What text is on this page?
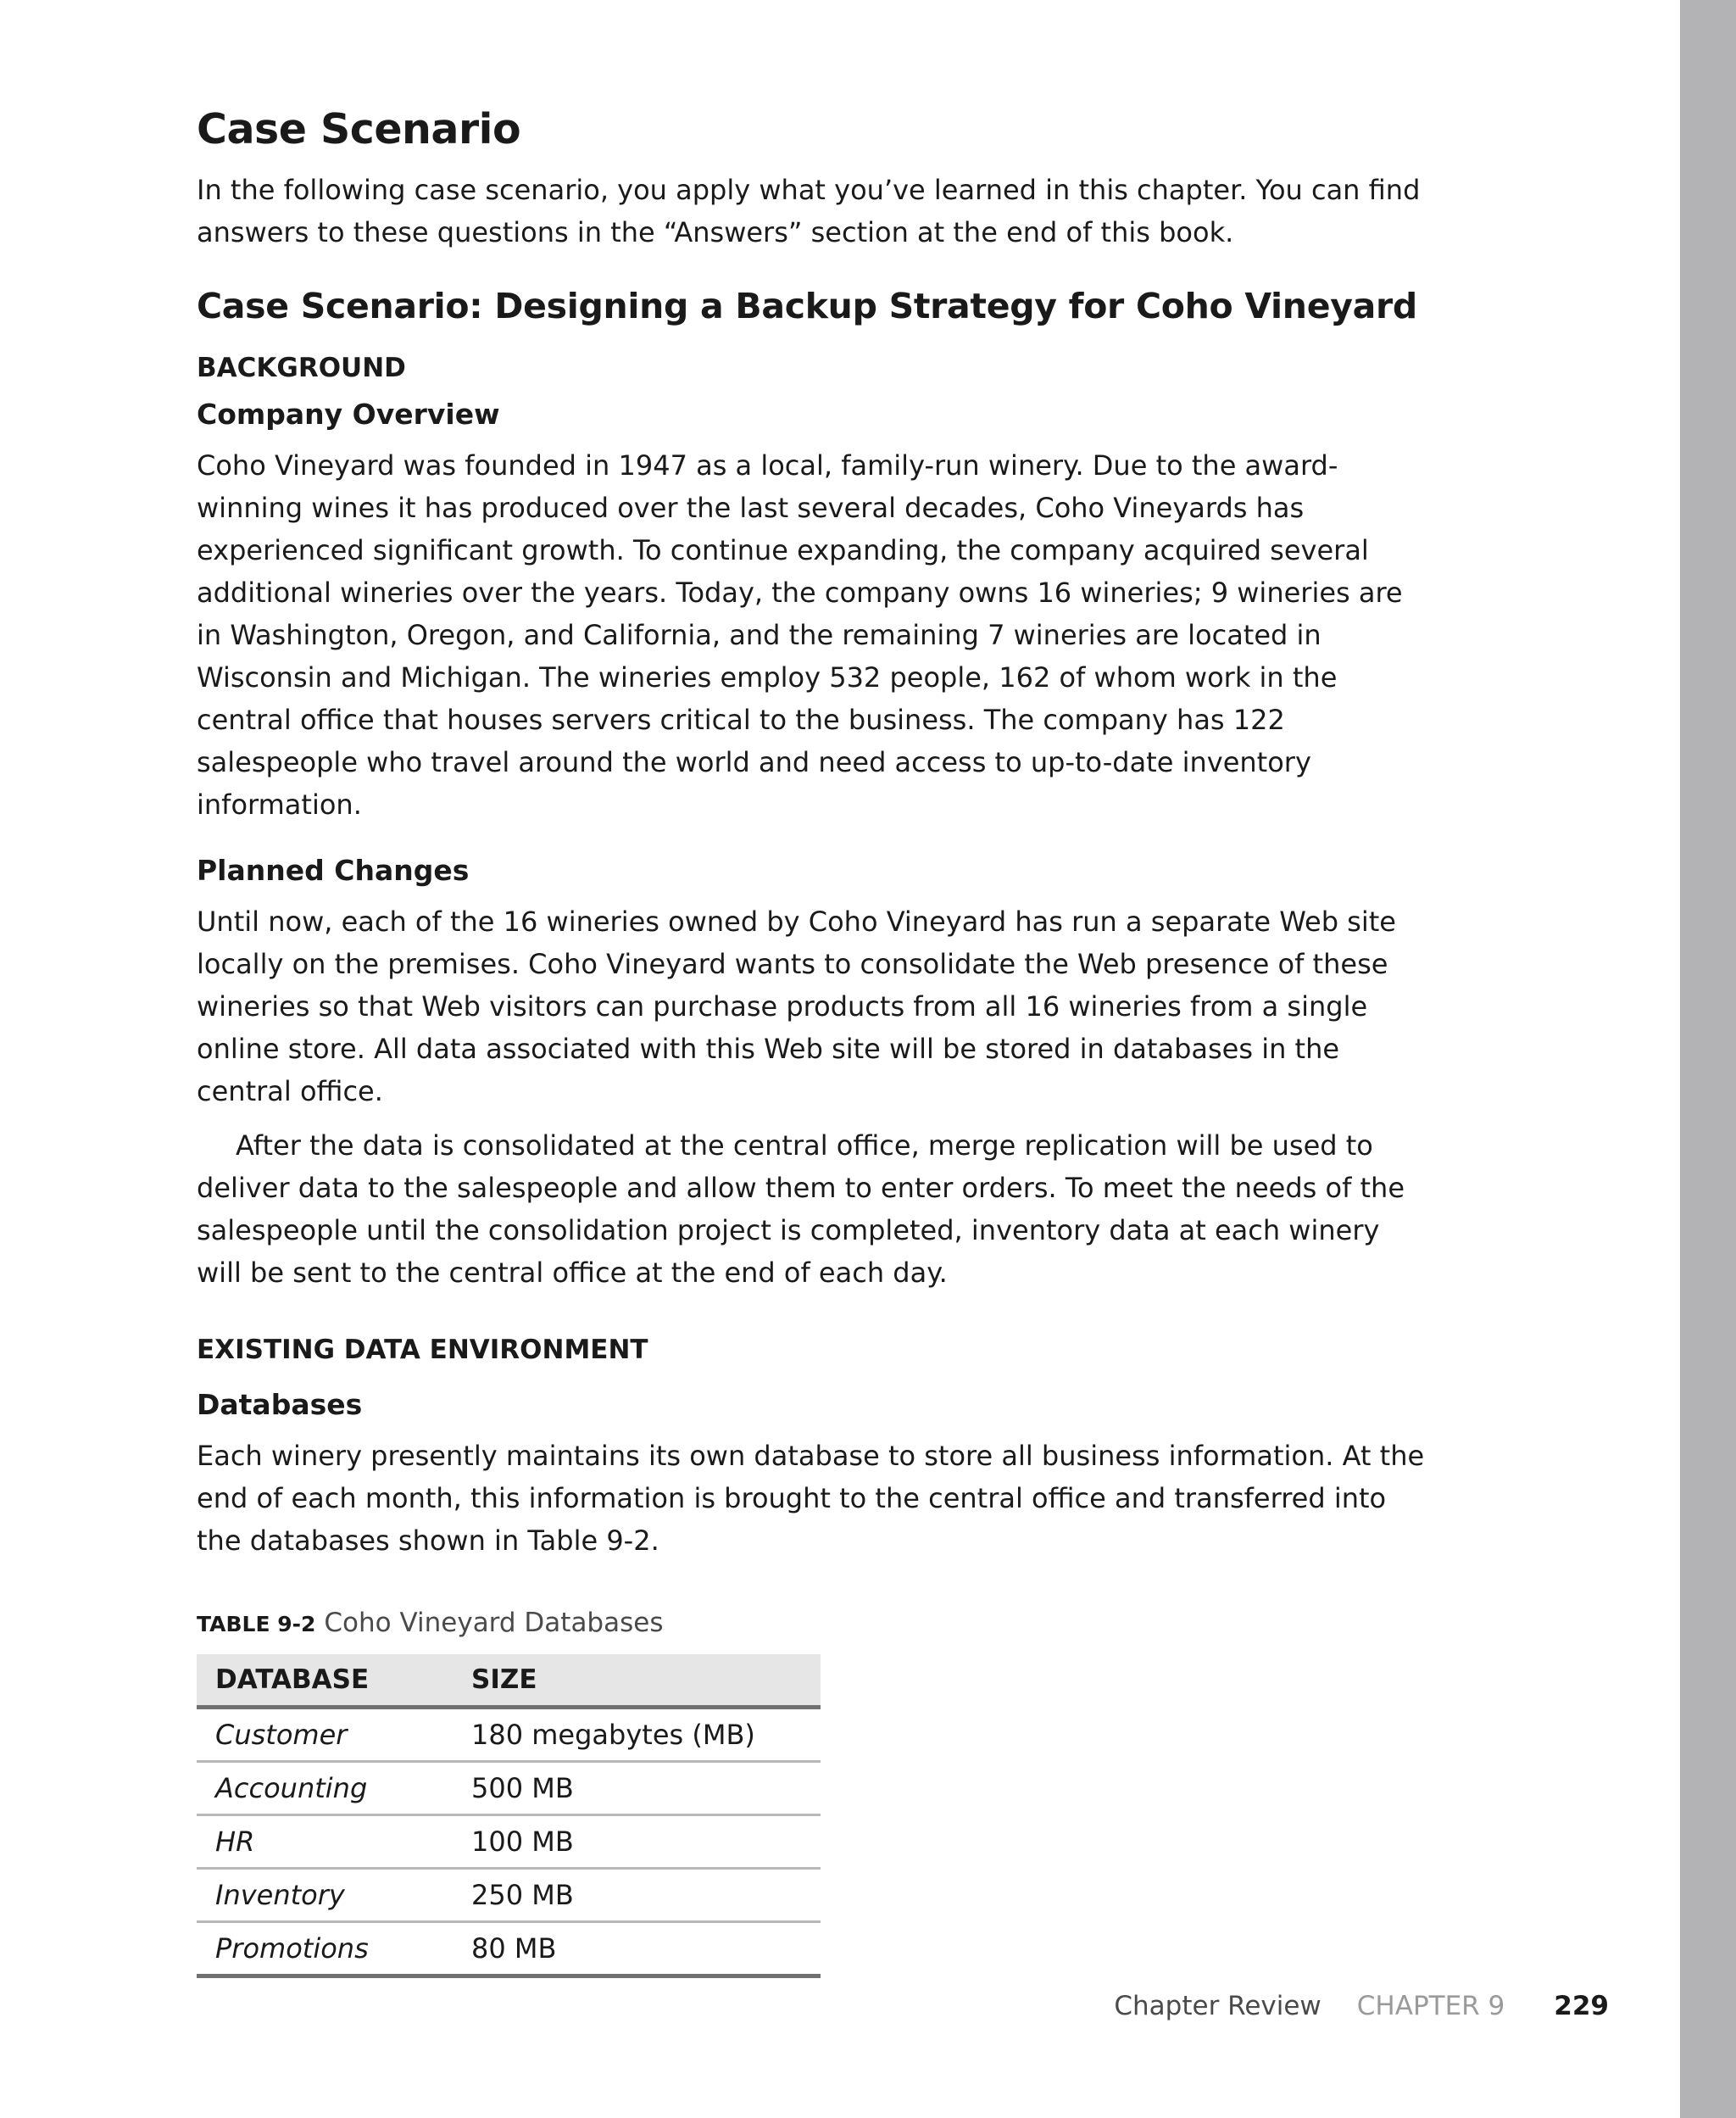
Case Scenario

In the following case scenario, you apply what you’ve learned in this chapter. You can find answers to these questions in the “Answers” section at the end of this book.

Case Scenario: Designing a Backup Strategy for Coho Vineyard
BACKGROUND
Company Overview

Coho Vineyard was founded in 1947 as a local, family-run winery. Due to the award-winning wines it has produced over the last several decades, Coho Vineyards has experienced significant growth. To continue expanding, the company acquired several additional wineries over the years. Today, the company owns 16 wineries; 9 wineries are in Washington, Oregon, and California, and the remaining 7 wineries are located in Wisconsin and Michigan. The wineries employ 532 people, 162 of whom work in the central office that houses servers critical to the business. The company has 122 salespeople who travel around the world and need access to up-to-date inventory information.

Planned Changes

Until now, each of the 16 wineries owned by Coho Vineyard has run a separate Web site locally on the premises. Coho Vineyard wants to consolidate the Web presence of these wineries so that Web visitors can purchase products from all 16 wineries from a single online store. All data associated with this Web site will be stored in databases in the central office.

After the data is consolidated at the central office, merge replication will be used to deliver data to the salespeople and allow them to enter orders. To meet the needs of the salespeople until the consolidation project is completed, inventory data at each winery will be sent to the central office at the end of each day.

EXISTING DATA ENVIRONMENT
Databases

Each winery presently maintains its own database to store all business information. At the end of each month, this information is brought to the central office and transferred into the databases shown in Table 9-2.

TABLE 9-2 Coho Vineyard Databases
DATABASE	SIZE
Customer	180 megabytes (MB)
Accounting	500 MB
HR	100 MB
Inventory	250 MB
Promotions	80 MB
Chapter Review CHAPTER 9 229
